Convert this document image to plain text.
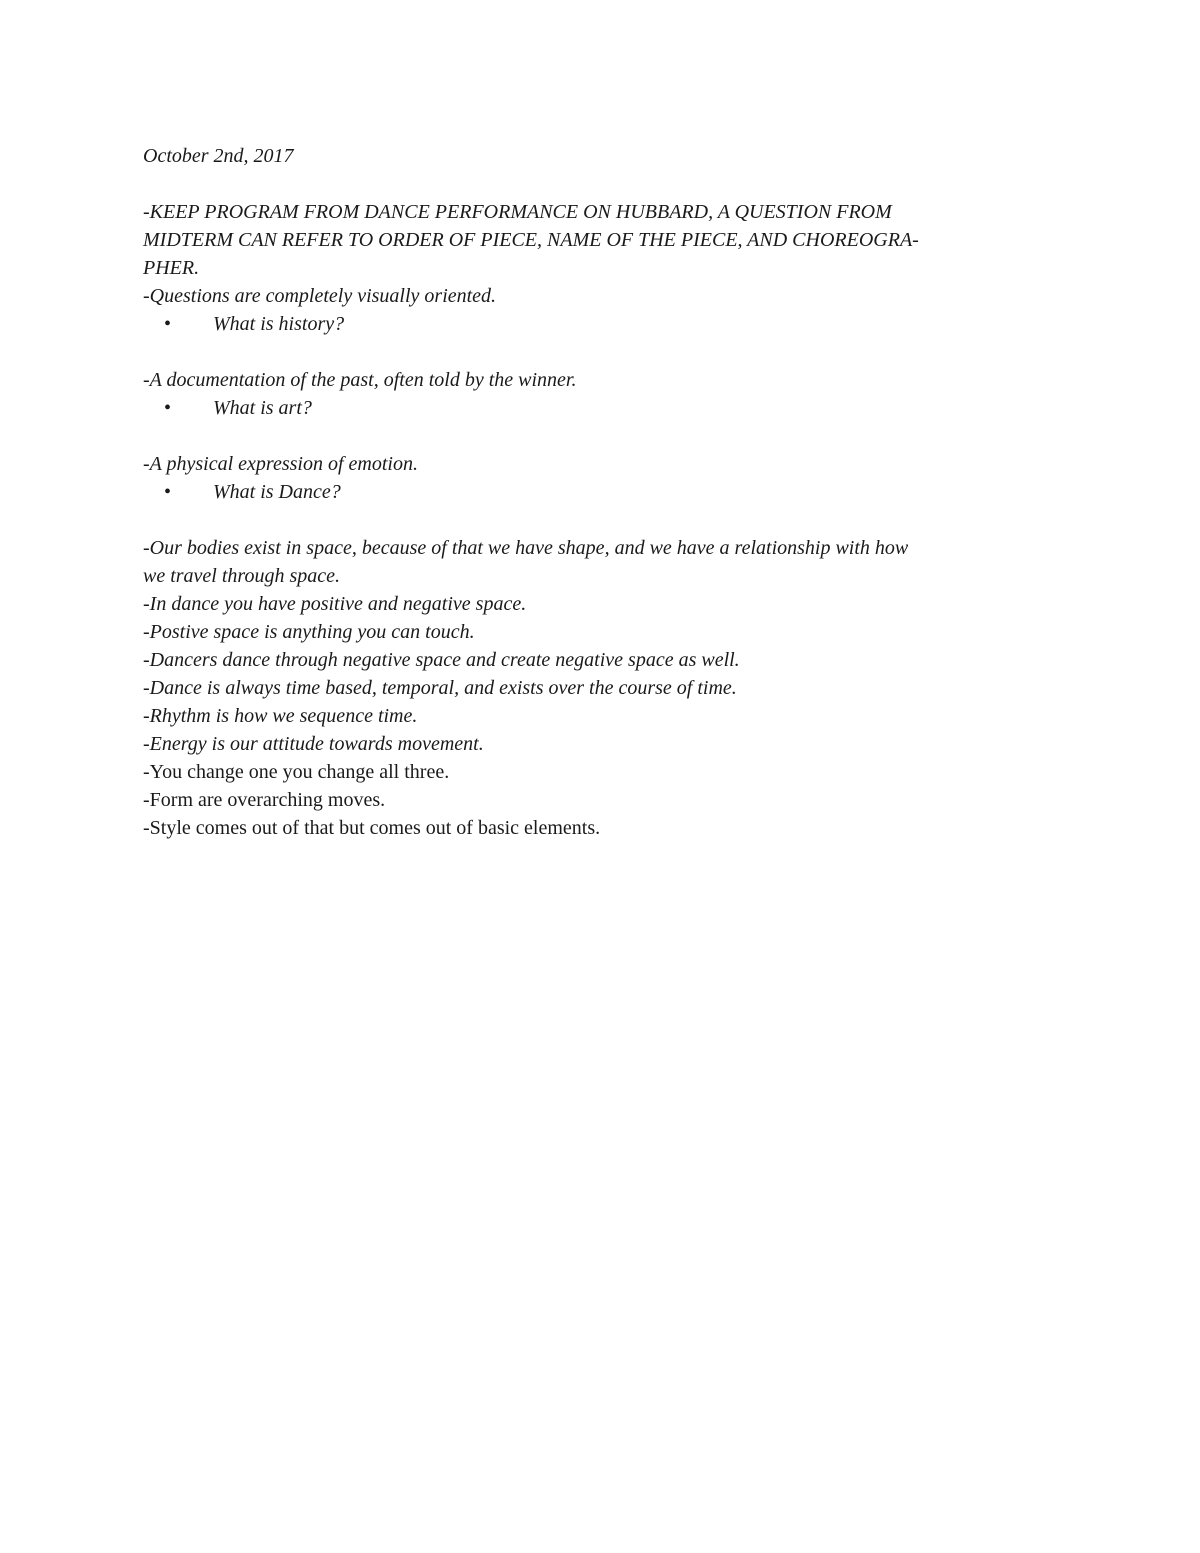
October 2nd, 2017

-KEEP PROGRAM FROM DANCE PERFORMANCE ON HUBBARD, A QUESTION FROM

MIDTERM CAN REFER TO ORDER OF PIECE, NAME OF THE PIECE, AND CHOREOGRA-

PHER.

-Questions are completely visually oriented.

• What is history?

-A documentation of the past, often told by the winner.

• What is art?

-A physical expression of emotion.

• What is Dance?

-Our bodies exist in space, because of that we have shape, and we have a relationship with how

we travel through space.

-In dance you have positive and negative space.

-Postive space is anything you can touch.

-Dancers dance through negative space and create negative space as well.

-Dance is always time based, temporal, and exists over the course of time.

-Rhythm is how we sequence time.

-Energy is our attitude towards movement.

-You change one you change all three.

-Form are overarching moves.

-Style comes out of that but comes out of basic elements.
